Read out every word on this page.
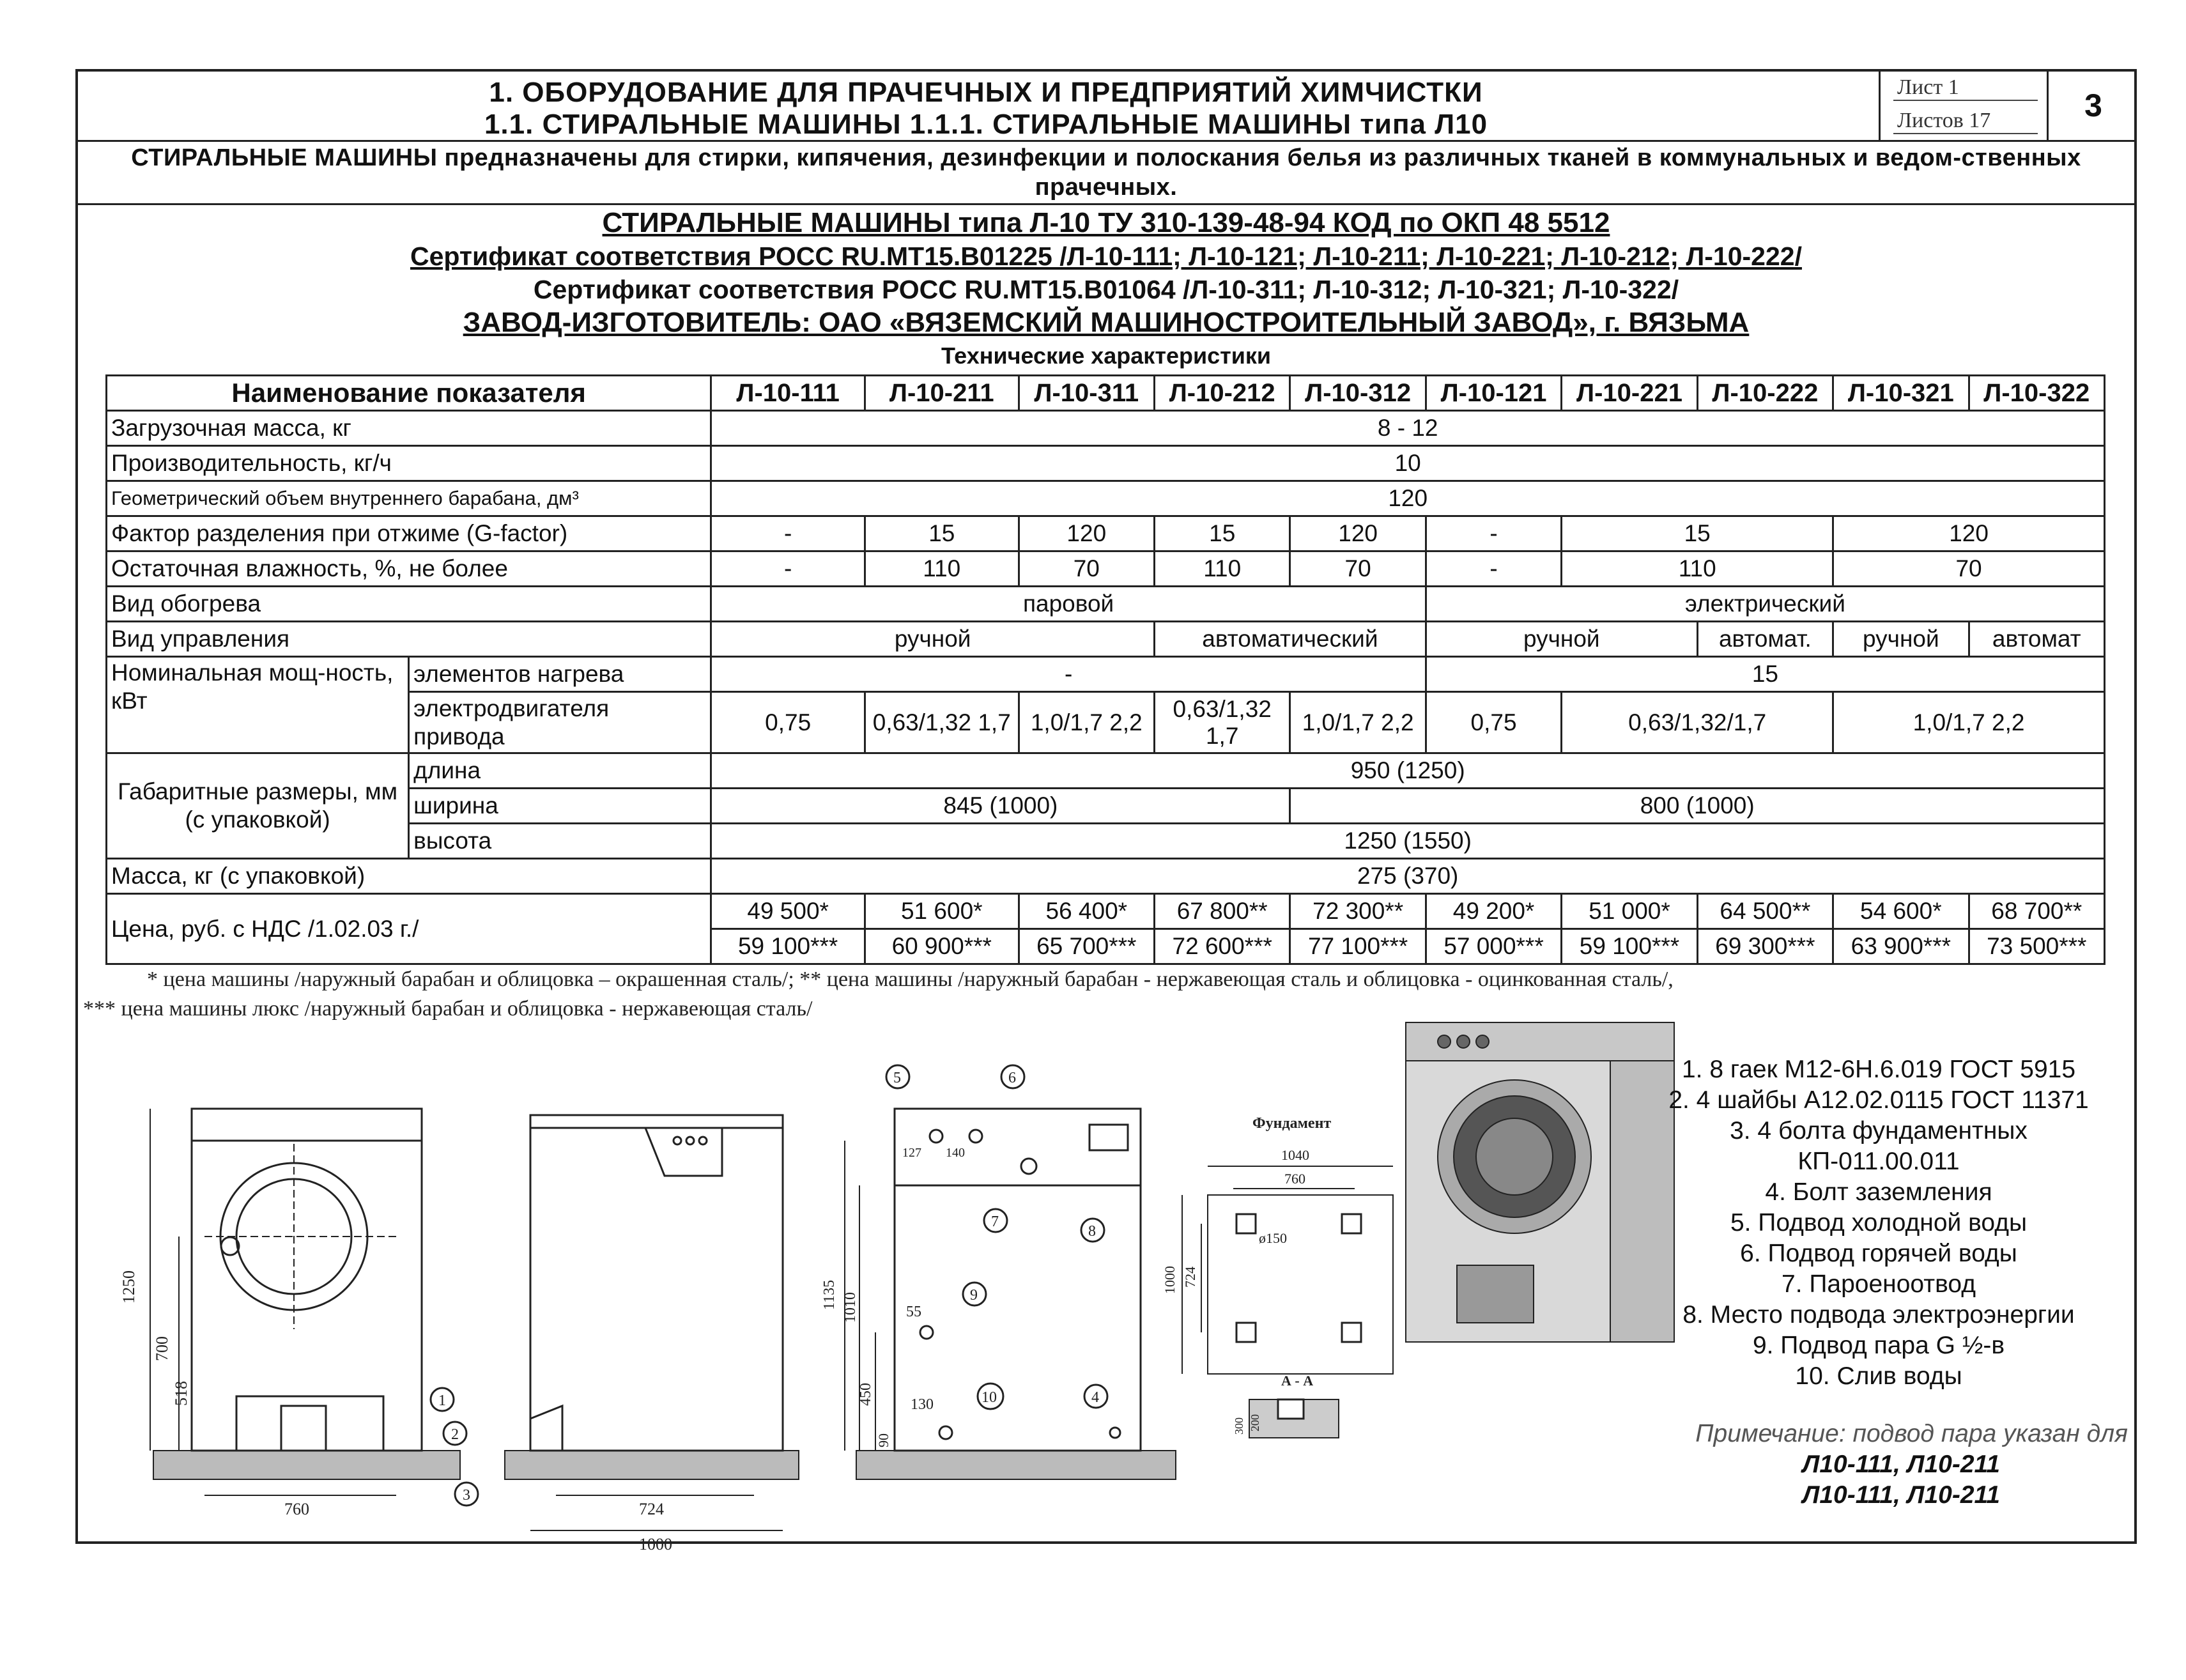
1. ОБОРУДОВАНИЕ ДЛЯ ПРАЧЕЧНЫХ И ПРЕДПРИЯТИЙ ХИМЧИСТКИ
1.1. СТИРАЛЬНЫЕ МАШИНЫ 1.1.1. СТИРАЛЬНЫЕ МАШИНЫ типа Л10
Лист 1
Листов 17	3
СТИРАЛЬНЫЕ МАШИНЫ предназначены для стирки, кипячения, дезинфекции и полоскания белья из различных тканей в коммунальных и ведом-ственных прачечных.
СТИРАЛЬНЫЕ МАШИНЫ типа Л-10 ТУ 310-139-48-94 КОД по ОКП 48 5512
Сертификат соответствия РОСС RU.МТ15.В01225 /Л-10-111; Л-10-121; Л-10-211; Л-10-221; Л-10-212; Л-10-222/
Сертификат соответствия РОСС RU.МТ15.В01064 /Л-10-311; Л-10-312; Л-10-321; Л-10-322/
ЗАВОД-ИЗГОТОВИТЕЛЬ: ОАО «ВЯЗЕМСКИЙ МАШИНОСТРОИТЕЛЬНЫЙ ЗАВОД», г. ВЯЗЬМА
Технические характеристики
Наименование показателя		Л-10-111	Л-10-211	Л-10-311	Л-10-212	Л-10-312	Л-10-121	Л-10-221	Л-10-222	Л-10-321	Л-10-322
Загрузочная масса, кг		8 - 12									
Производительность, кг/ч		10									
Геометрический объем внутреннего барабана, дм³		120									
Фактор разделения при отжиме (G-factor)		-	15	120	15	120	-	15		120	
Остаточная влажность, %, не более		-	110	70	110	70	-	110		70	
Вид обогрева		паровой					электрический				
Вид управления		ручной			автоматический		ручной		автомат.	ручной	автомат
Номинальная мощ-ность, кВт	элементов нагрева	-					15				
	электродвигателя привода	0,75	0,63/1,32 1,7	1,0/1,7 2,2	0,63/1,32 1,7	1,0/1,7 2,2	0,75	0,63/1,32/1,7		1,0/1,7 2,2	
Габаритные размеры, мм (с упаковкой)	длина	950 (1250)									
	ширина	845 (1000)				800 (1000)					
	высота	1250 (1550)									
Масса, кг (с упаковкой)		275 (370)									
Цена, руб. с НДС /1.02.03 г./		49 500*	51 600*	56 400*	67 800**	72 300**	49 200*	51 000*	64 500**	54 600*	68 700**
		59 100***	60 900***	65 700***	72 600***	77 100***	57 000***	59 100***	69 300***	63 900***	73 500***
* цена машины /наружный барабан и облицовка – окрашенная сталь/; ** цена машины /наружный барабан - нержавеющая сталь и облицовка - оцинкованная сталь/,
*** цена машины люкс /наружный барабан и облицовка - нержавеющая сталь/
1
2
3
1250
700
518
760	724
1000
5	6
7
8
9
10	4
1135 1010
450
90
55
130
127 140
Фундамент
1040
760
1000 724
ø150
А - А
300 200
1. 8 гаек М12-6Н.6.019 ГОСТ 5915
2. 4 шайбы А12.02.0115 ГОСТ 11371
3. 4 болта фундаментных
КП-011.00.011
4. Болт заземления
5. Подвод холодной воды
6. Подвод горячей воды
7. Пароеноотвод
8. Место подвода электроэнергии
9. Подвод пара G ½-в
10. Слив воды
Примечание: подвод пара указан для
Л10-111, Л10-211
Л10-111, Л10-211
